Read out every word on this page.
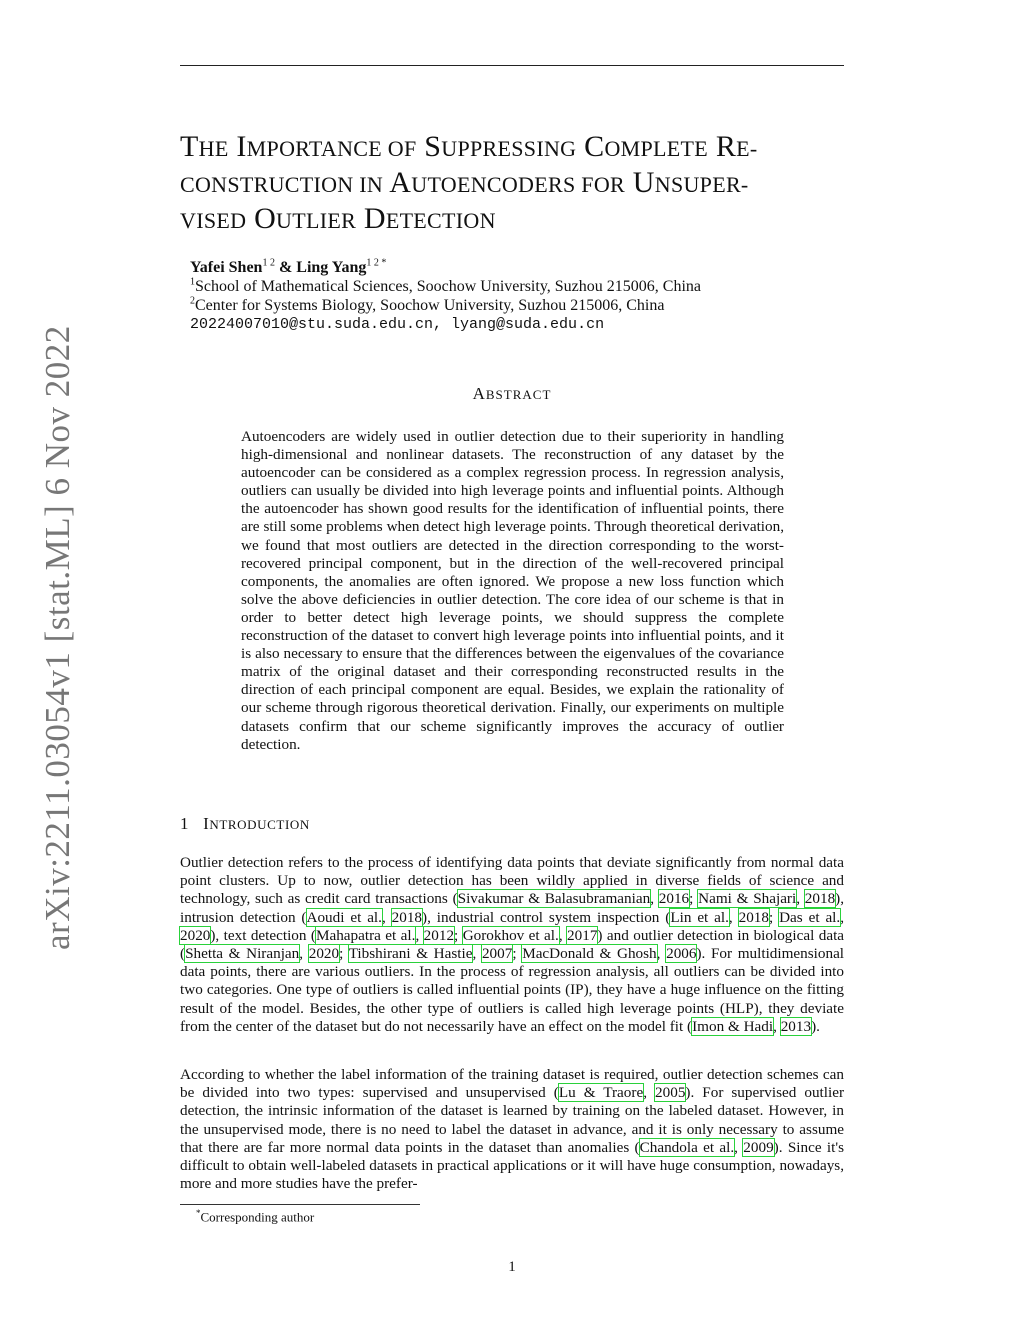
arXiv:2211.03054v1 [stat.ML] 6 Nov 2022
THE IMPORTANCE OF SUPPRESSING COMPLETE RE-
CONSTRUCTION IN AUTOENCODERS FOR UNSUPER-
VISED OUTLIER DETECTION
Yafei Shen$^{1 2}$ & Ling Yang$^{1 2 *}$
$^1$School of Mathematical Sciences, Soochow University, Suzhou 215006, China
$^2$Center for Systems Biology, Soochow University, Suzhou 215006, China
20224007010@stu.suda.edu.cn, lyang@suda.edu.cn
ABSTRACT
Autoencoders are widely used in outlier detection due to their superiority in handling high-dimensional and nonlinear datasets. The reconstruction of any dataset by the autoencoder can be considered as a complex regression process. In regression analysis, outliers can usually be divided into high leverage points and influential points. Although the autoencoder has shown good results for the identification of influential points, there are still some problems when detect high leverage points. Through theoretical derivation, we found that most outliers are detected in the direction corresponding to the worst-recovered principal component, but in the direction of the well-recovered principal components, the anomalies are often ignored. We propose a new loss function which solve the above deficiencies in outlier detection. The core idea of our scheme is that in order to better detect high leverage points, we should suppress the complete reconstruction of the dataset to convert high leverage points into influential points, and it is also necessary to ensure that the differences between the eigenvalues of the covariance matrix of the original dataset and their corresponding reconstructed results in the direction of each principal component are equal. Besides, we explain the rationality of our scheme through rigorous theoretical derivation. Finally, our experiments on multiple datasets confirm that our scheme significantly improves the accuracy of outlier detection.
1 INTRODUCTION
Outlier detection refers to the process of identifying data points that deviate significantly from normal data point clusters. Up to now, outlier detection has been wildly applied in diverse fields of science and technology, such as credit card transactions (Sivakumar & Balasubramanian, 2016; Nami & Shajari, 2018), intrusion detection (Aoudi et al., 2018), industrial control system inspection (Lin et al., 2018; Das et al., 2020), text detection (Mahapatra et al., 2012; Gorokhov et al., 2017) and outlier detection in biological data (Shetta & Niranjan, 2020; Tibshirani & Hastie, 2007; MacDonald & Ghosh, 2006). For multidimensional data points, there are various outliers. In the process of regression analysis, all outliers can be divided into two categories. One type of outliers is called influential points (IP), they have a huge influence on the fitting result of the model. Besides, the other type of outliers is called high leverage points (HLP), they deviate from the center of the dataset but do not necessarily have an effect on the model fit (Imon & Hadi, 2013).
According to whether the label information of the training dataset is required, outlier detection schemes can be divided into two types: supervised and unsupervised (Lu & Traore, 2005). For supervised outlier detection, the intrinsic information of the dataset is learned by training on the labeled dataset. However, in the unsupervised mode, there is no need to label the dataset in advance, and it is only necessary to assume that there are far more normal data points in the dataset than anomalies (Chandola et al., 2009). Since it's difficult to obtain well-labeled datasets in practical applications or it will have huge consumption, nowadays, more and more studies have the prefer-
*Corresponding author
1
